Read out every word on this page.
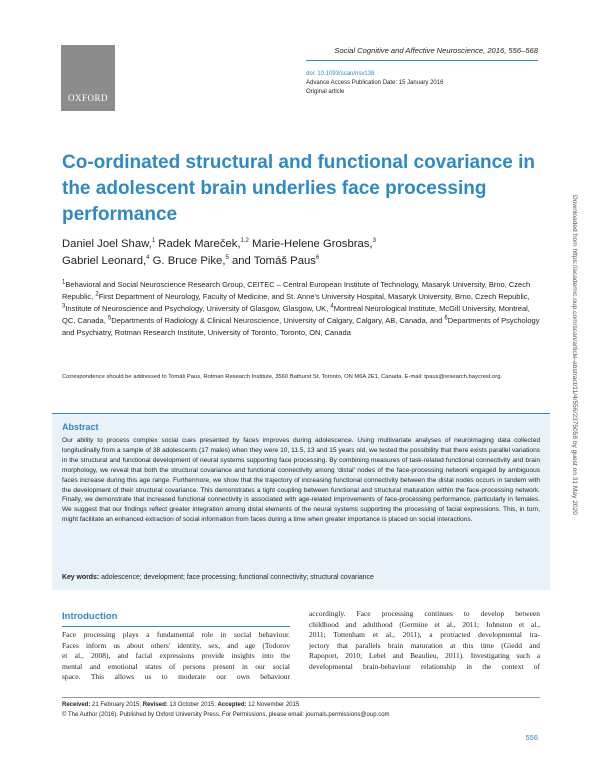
OXFORD
Social Cognitive and Affective Neuroscience, 2016, 556–568
doi: 10.1093/scan/nsv138
Advance Access Publication Date: 15 January 2016
Original article
Downloaded from https://academic.oup.com/scan/article-abstract/11/4/556/2375058 by guest on 31 May 2020
Co-ordinated structural and functional covariance in the adolescent brain underlies face processing performance
Daniel Joel Shaw,$^1$ Radek Mareček,$^{1,2}$ Marie-Helene Grosbras,$^3$
Gabriel Leonard,$^4$ G. Bruce Pike,$^5$ and Tomáš Paus$^6$
$^1$Behavioral and Social Neuroscience Research Group, CEITEC – Central European Institute of Technology, Masaryk University, Brno, Czech Republic, $^2$First Department of Neurology, Faculty of Medicine, and St. Anne's University Hospital, Masaryk University, Brno, Czech Republic, $^3$Institute of Neuroscience and Psychology, University of Glasgow, Glasgow, UK, $^4$Montreal Neurological Institute, McGill University, Montreal, QC, Canada, $^5$Departments of Radiology & Clinical Neuroscience, University of Calgary, Calgary, AB, Canada, and $^6$Departments of Psychology and Psychiatry, Rotman Research Institute, University of Toronto, Toronto, ON, Canada
Correspondence should be addressed to Tomáš Paus, Rotman Research Institute, 3560 Bathurst St, Toronto, ON M6A 2E1, Canada. E-mail: tpaus@research.baycrest.org.
Abstract
Our ability to process complex social cues presented by faces improves during adolescence. Using multivariate analyses of neuroimaging data collected longitudinally from a sample of 38 adolescents (17 males) when they were 10, 11.5, 13 and 15 years old, we tested the possibility that there exists parallel variations in the structural and functional development of neural systems supporting face processing. By combining measures of task-related functional connectivity and brain morphology, we reveal that both the structural covariance and functional connectivity among 'distal' nodes of the face-processing network engaged by ambiguous faces increase during this age range. Furthermore, we show that the trajectory of increasing functional connectivity between the distal nodes occurs in tandem with the development of their structural covariance. This demonstrates a tight coupling between functional and structural maturation within the face-processing network. Finally, we demonstrate that increased functional connectivity is associated with age-related improvements of face-processing performance, particularly in females. We suggest that our findings reflect greater integration among distal elements of the neural systems supporting the processing of facial expressions. This, in turn, might facilitate an enhanced extraction of social information from faces during a time when greater importance is placed on social interactions.
Key words: adolescence; development; face processing; functional connectivity; structural covariance
Introduction
Face processing plays a fundamental role in social behaviour.
Faces inform us about others' identity, sex, and age (Todorov
et al., 2008), and facial expressions provide insights into the
mental and emotional states of persons present in our social
space. This allows us to moderate our own behaviour
accordingly. Face processing continues to develop between
childhood and adulthood (Germine et al., 2011; Johnston et al.,
2011; Tottenham et al., 2011), a protracted developmental tra-
jectory that parallels brain maturation at this time (Giedd and
Rapoport, 2010; Lebel and Beaulieu, 2011). Investigating such a
developmental brain-behaviour relationship in the context of
Received: 21 February 2015; Revised: 13 October 2015; Accepted: 12 November 2015
© The Author (2016). Published by Oxford University Press. For Permissions, please email: journals.permissions@oup.com
556
